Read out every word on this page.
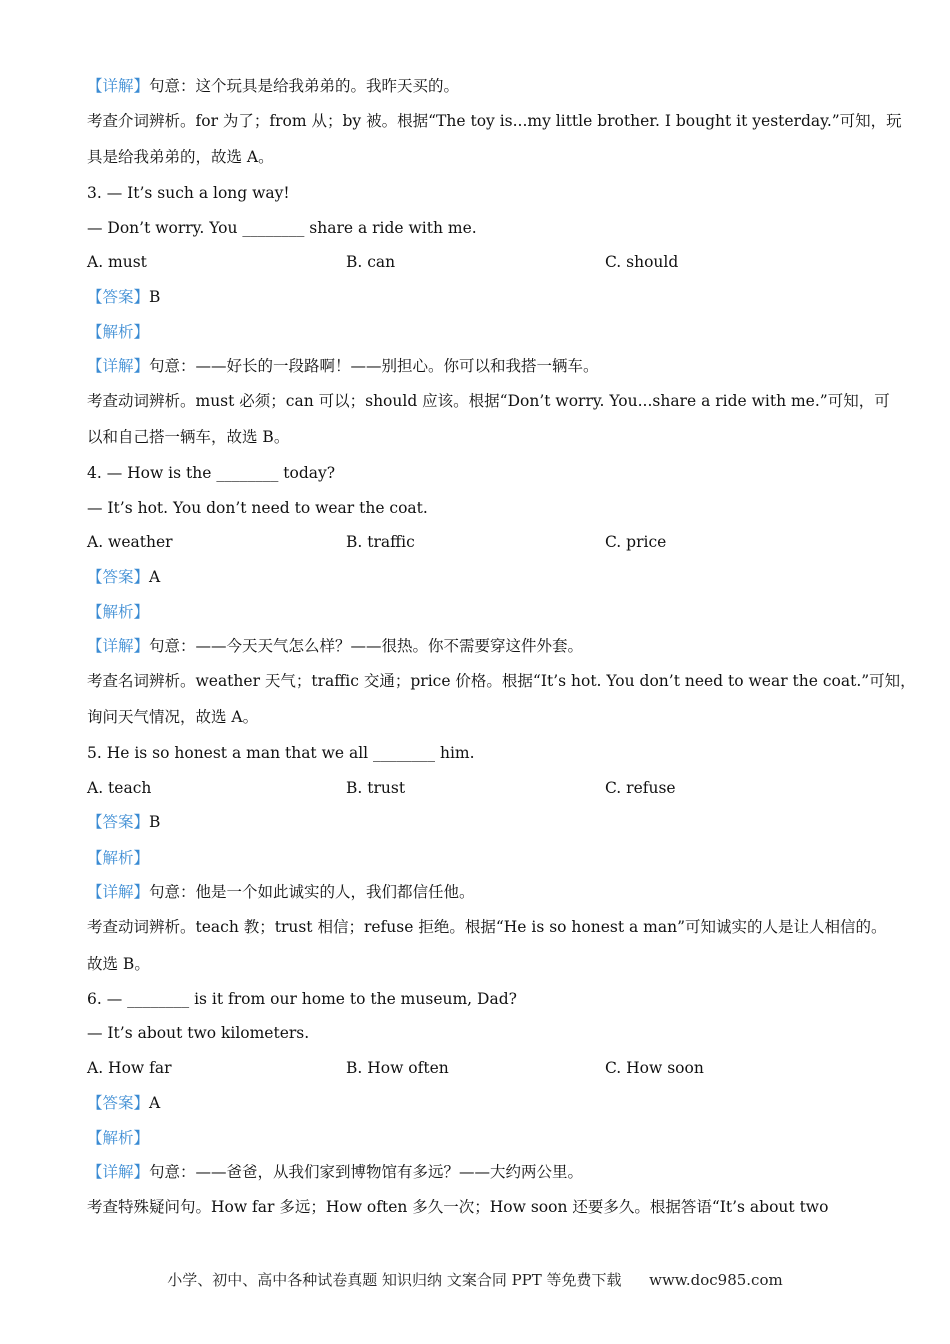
【详解】句意：这个玩具是给我弟弟的。我昨天买的。
考查介词辨析。for 为了；from 从；by 被。根据“The toy is...my little brother. I bought it yesterday.”可知，玩
具是给我弟弟的，故选 A。
3. — It’s such a long way!
— Don’t worry. You ________ share a ride with me.
A. must	B. can	C. should
【答案】B
【解析】
【详解】句意：——好长的一段路啊！——别担心。你可以和我搭一辆车。
考查动词辨析。must 必须；can 可以；should 应该。根据“Don’t worry. You...share a ride with me.”可知，可
以和自己搭一辆车，故选 B。
4. — How is the ________ today?
— It’s hot. You don’t need to wear the coat.
A. weather	B. traffic	C. price
【答案】A
【解析】
【详解】句意：——今天天气怎么样？——很热。你不需要穿这件外套。
考查名词辨析。weather 天气；traffic 交通；price 价格。根据“It’s hot. You don’t need to wear the coat.”可知，
询问天气情况，故选 A。
5. He is so honest a man that we all ________ him.
A. teach	B. trust	C. refuse
【答案】B
【解析】
【详解】句意：他是一个如此诚实的人，我们都信任他。
考查动词辨析。teach 教；trust 相信；refuse 拒绝。根据“He is so honest a man”可知诚实的人是让人相信的。
故选 B。
6. — ________ is it from our home to the museum, Dad?
— It’s about two kilometers.
A. How far	B. How often	C. How soon
【答案】A
【解析】
【详解】句意：——爸爸，从我们家到博物馆有多远？——大约两公里。
考查特殊疑问句。How far 多远；How often 多久一次；How soon 还要多久。根据答语“It’s about two
小学、初中、高中各种试卷真题 知识归纳 文案合同 PPT 等免费下载 www.doc985.com
